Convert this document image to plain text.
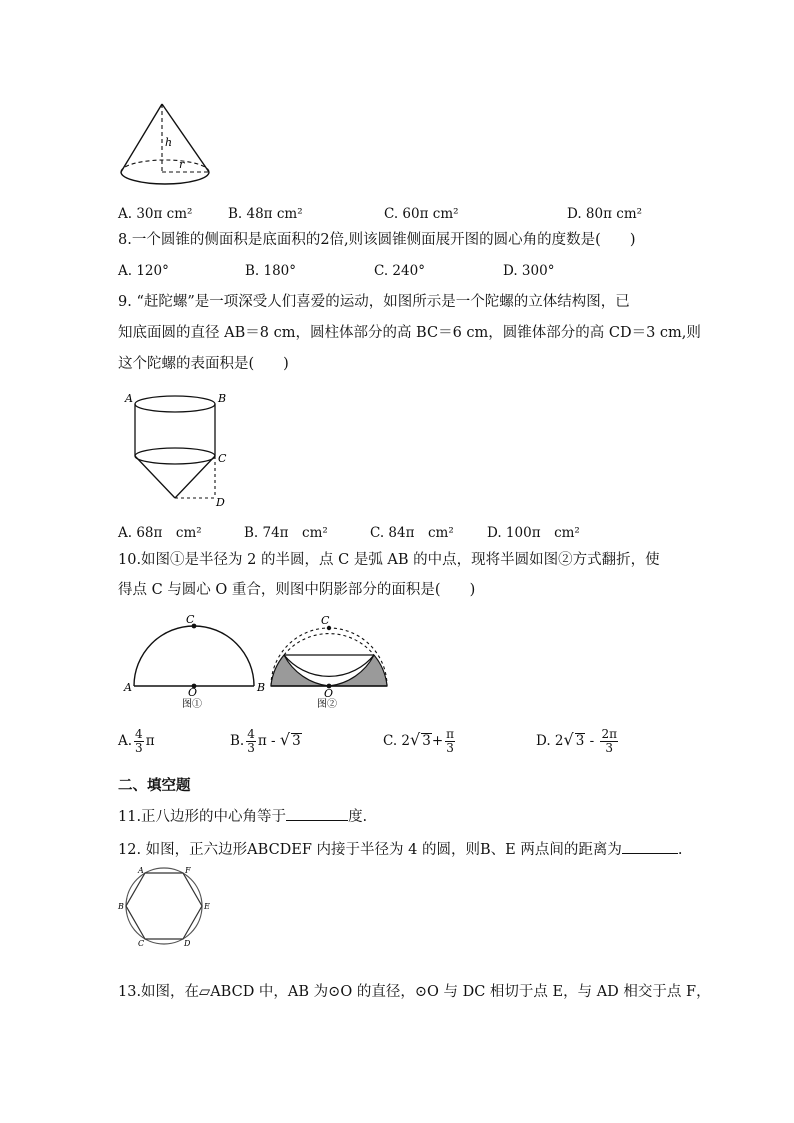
h
r
A. 30π cm²	B. 48π cm²	C. 60π cm²	D. 80π cm²
8.一个圆锥的侧面积是底面积的2倍,则该圆锥侧面展开图的圆心角的度数是(　　)
A. 120°	B. 180°	C. 240°	D. 300°
9. “赶陀螺”是一项深受人们喜爱的运动，如图所示是一个陀螺的立体结构图，已
知底面圆的直径 AB＝8 cm，圆柱体部分的高 BC＝6 cm，圆锥体部分的高 CD＝3 cm,则
这个陀螺的表面积是(　　)
A	B
C
D
A. 68π　cm²	B. 74π　cm²	C. 84π　cm² D. 100π　cm²
10.如图①是半径为 2 的半圆，点 C 是弧 AB 的中点，现将半圆如图②方式翻折，使
得点 C 与圆心 O 重合，则图中阴影部分的面积是(　　)
C
A	O	B
图①
C
O
图②
A. $\frac{4}{3}$ π	B. $\frac{4}{3}$ π - √ 3	C. 2√ $3+ \frac{\pi}{3}$	D. 2√ $3 - \frac{2\pi}{3}$
二、填空题
11.正八边形的中心角等于	度.
12. 如图，正六边形ABCDEF 内接于半径为 4 的圆，则B、E 两点间的距离为	.
A	F
B	E
C	D
13.如图，在▱ABCD 中，AB 为⊙O 的直径，⊙O 与 DC 相切于点 E，与 AD 相交于点 F，
